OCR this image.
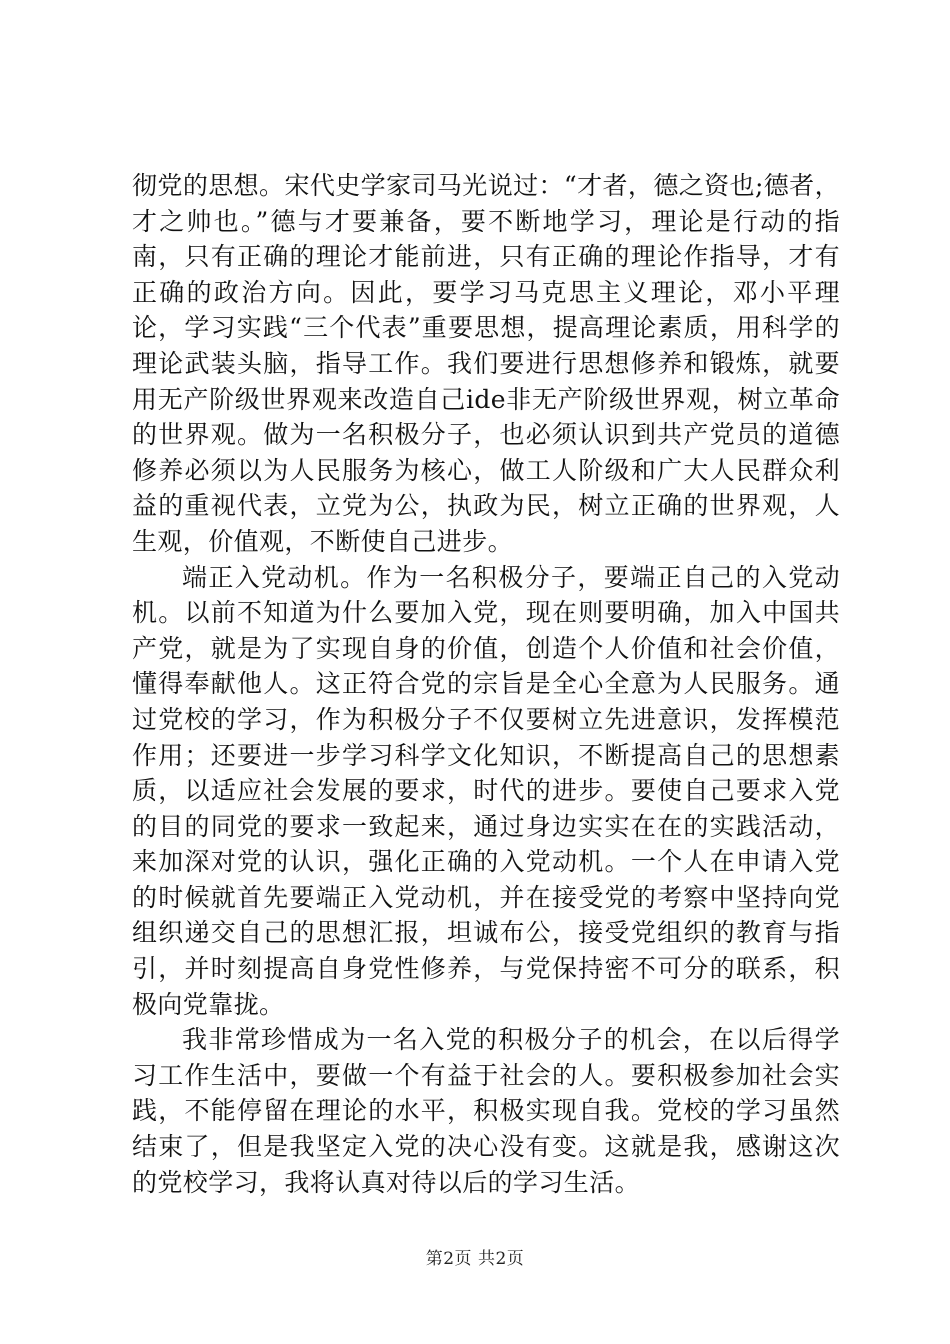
彻党的思想。宋代史学家司马光说过：“才者，德之资也;德者，才之帅也。”德与才要兼备，要不断地学习，理论是行动的指南，只有正确的理论才能前进，只有正确的理论作指导，才有正确的政治方向。因此，要学习马克思主义理论，邓小平理论，学习实践“三个代表”重要思想，提高理论素质，用科学的理论武装头脑，指导工作。我们要进行思想修养和锻炼，就要用无产阶级世界观来改造自己ide非无产阶级世界观，树立革命的世界观。做为一名积极分子，也必须认识到共产党员的道德修养必须以为人民服务为核心，做工人阶级和广大人民群众利益的重视代表，立党为公，执政为民，树立正确的世界观，人生观，价值观，不断使自己进步。

端正入党动机。作为一名积极分子，要端正自己的入党动机。以前不知道为什么要加入党，现在则要明确，加入中国共产党，就是为了实现自身的价值，创造个人价值和社会价值，懂得奉献他人。这正符合党的宗旨是全心全意为人民服务。通过党校的学习，作为积极分子不仅要树立先进意识，发挥模范作用；还要进一步学习科学文化知识，不断提高自己的思想素质，以适应社会发展的要求，时代的进步。要使自己要求入党的目的同党的要求一致起来，通过身边实实在在的实践活动，来加深对党的认识，强化正确的入党动机。一个人在申请入党的时候就首先要端正入党动机，并在接受党的考察中坚持向党组织递交自己的思想汇报，坦诚布公，接受党组织的教育与指引，并时刻提高自身党性修养，与党保持密不可分的联系，积极向党靠拢。

我非常珍惜成为一名入党的积极分子的机会，在以后得学习工作生活中，要做一个有益于社会的人。要积极参加社会实践，不能停留在理论的水平，积极实现自我。党校的学习虽然结束了，但是我坚定入党的决心没有变。这就是我，感谢这次的党校学习，我将认真对待以后的学习生活。

第2页 共2页
